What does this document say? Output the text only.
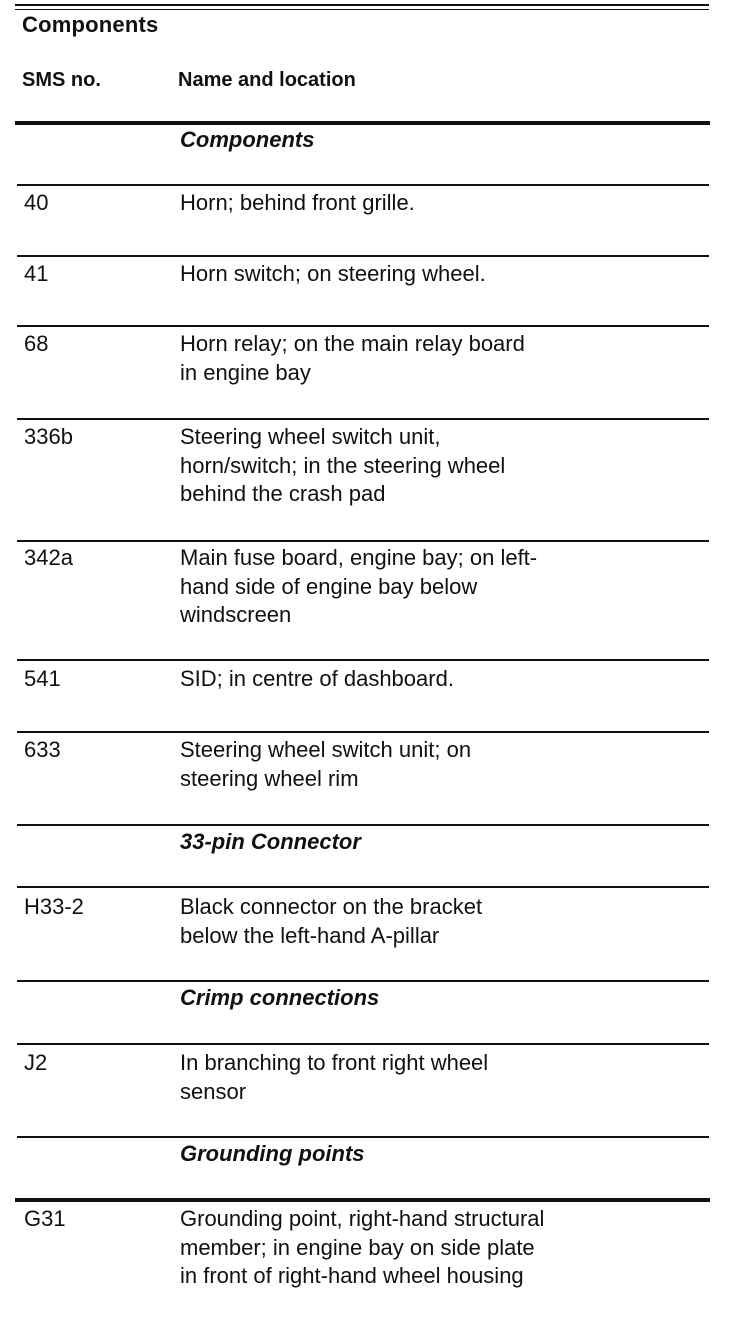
Components
SMS no.	Name and location
Components
40	Horn; behind front grille.
41	Horn switch; on steering wheel.
68	Horn relay; on the main relay board
in engine bay
336b	Steering wheel switch unit,
horn/switch; in the steering wheel
behind the crash pad
342a	Main fuse board, engine bay; on left-
hand side of engine bay below
windscreen
541	SID; in centre of dashboard.
633	Steering wheel switch unit; on
steering wheel rim
33-pin Connector
H33-2	Black connector on the bracket
below the left-hand A-pillar
Crimp connections
J2	In branching to front right wheel
sensor
Grounding points
G31	Grounding point, right-hand structural
member; in engine bay on side plate
in front of right-hand wheel housing
